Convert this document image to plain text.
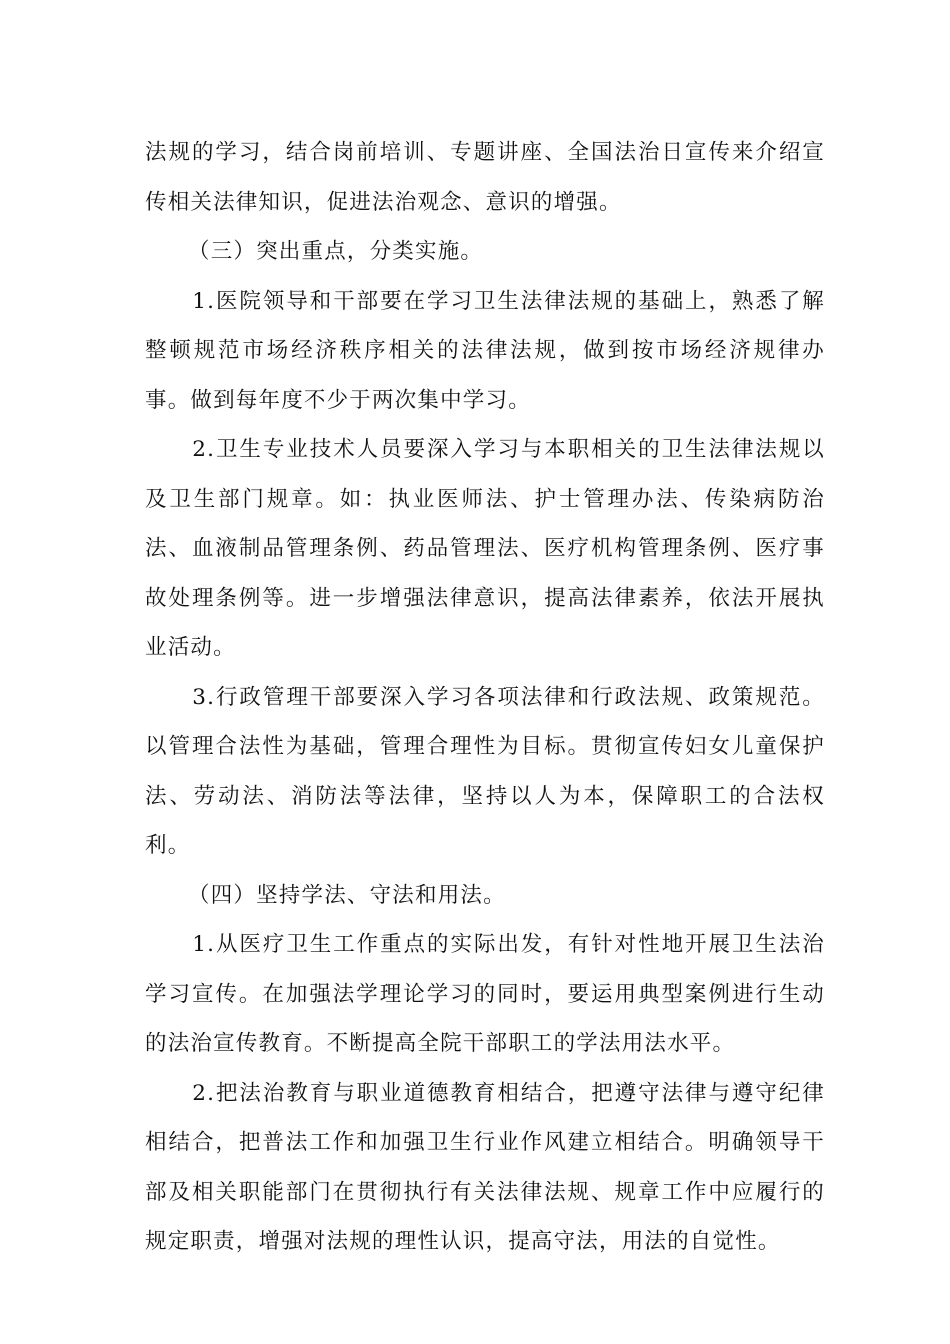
法规的学习，结合岗前培训、专题讲座、全国法治日宣传来介绍宣传相关法律知识，促进法治观念、意识的增强。

（三）突出重点，分类实施。

1.医院领导和干部要在学习卫生法律法规的基础上，熟悉了解整顿规范市场经济秩序相关的法律法规，做到按市场经济规律办事。做到每年度不少于两次集中学习。

2.卫生专业技术人员要深入学习与本职相关的卫生法律法规以及卫生部门规章。如：执业医师法、护士管理办法、传染病防治法、血液制品管理条例、药品管理法、医疗机构管理条例、医疗事故处理条例等。进一步增强法律意识，提高法律素养，依法开展执业活动。

3.行政管理干部要深入学习各项法律和行政法规、政策规范。以管理合法性为基础，管理合理性为目标。贯彻宣传妇女儿童保护法、劳动法、消防法等法律，坚持以人为本，保障职工的合法权利。

（四）坚持学法、守法和用法。

1.从医疗卫生工作重点的实际出发，有针对性地开展卫生法治学习宣传。在加强法学理论学习的同时，要运用典型案例进行生动的法治宣传教育。不断提高全院干部职工的学法用法水平。

2.把法治教育与职业道德教育相结合，把遵守法律与遵守纪律相结合，把普法工作和加强卫生行业作风建立相结合。明确领导干部及相关职能部门在贯彻执行有关法律法规、规章工作中应履行的规定职责，增强对法规的理性认识，提高守法，用法的自觉性。
